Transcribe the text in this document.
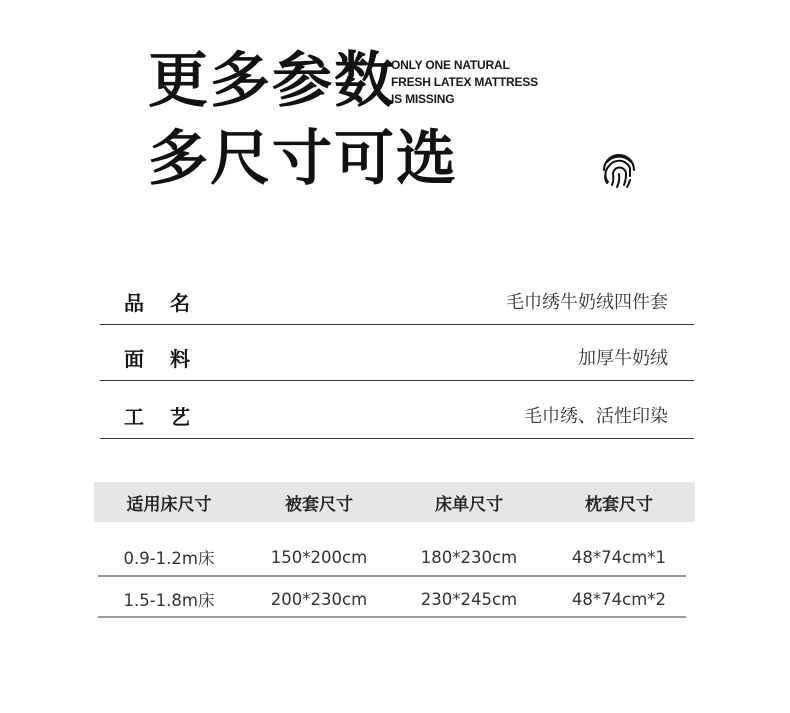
更多参数
多尺寸可选
ONLY ONE NATURAL
FRESH LATEX MATTRESS
IS MISSING
品名	毛巾绣牛奶绒四件套
面料	加厚牛奶绒
工艺	毛巾绣、活性印染
适用床尺寸	被套尺寸	床单尺寸	枕套尺寸
0.9-1.2m床	150*200cm	180*230cm	48*74cm*1
1.5-1.8m床	200*230cm	230*245cm	48*74cm*2
